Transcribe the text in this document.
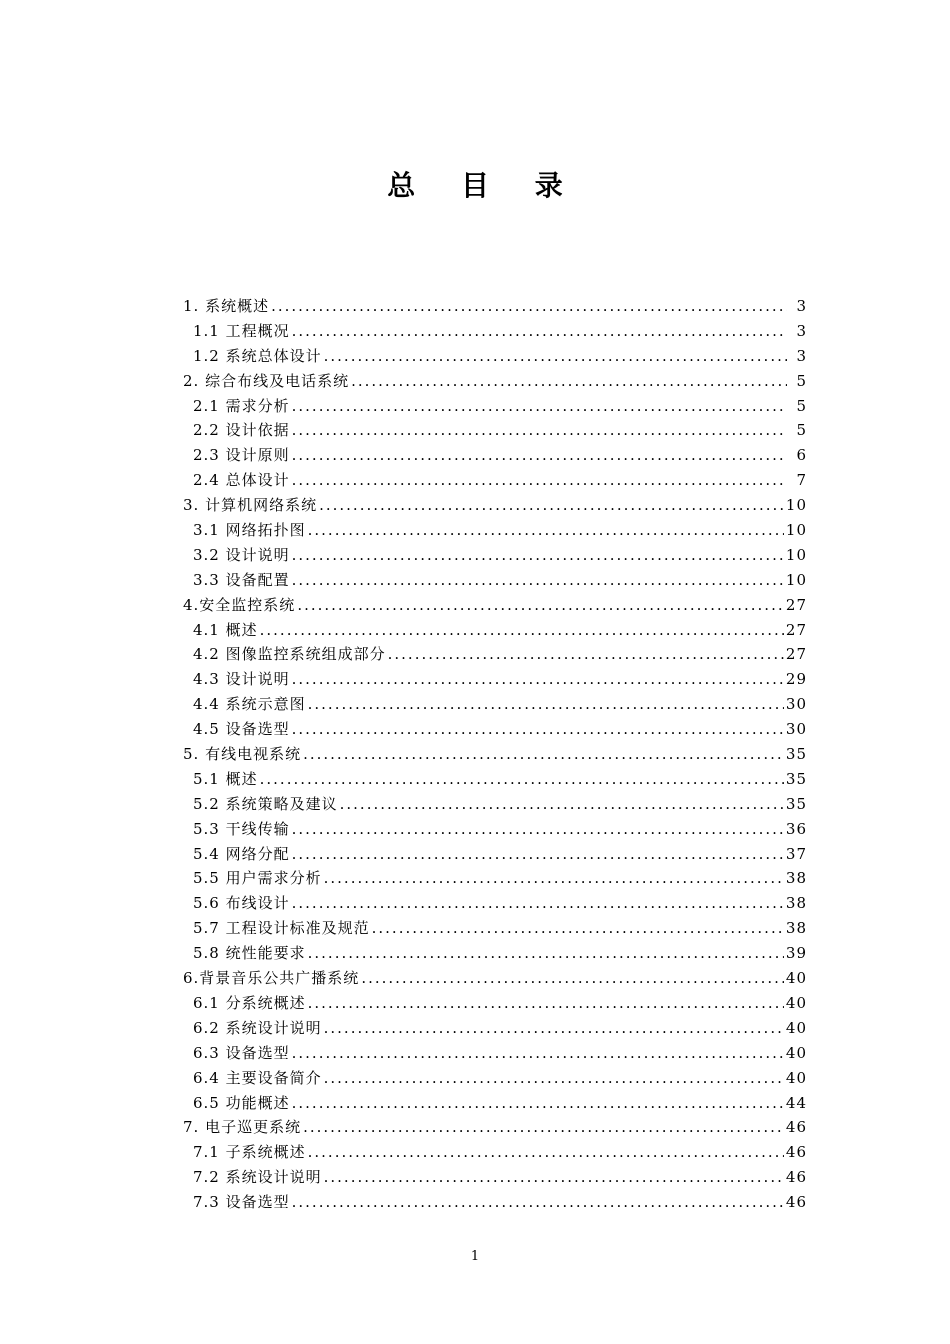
总 目 录
1. 系统概述 .....	3
1.1 工程概况 .....	3
1.2 系统总体设计 .....	3
2. 综合布线及电话系统 .....	5
2.1 需求分析 .....	5
2.2 设计依据 .....	5
2.3 设计原则 .....	6
2.4 总体设计 .....	7
3. 计算机网络系统 .....	10
3.1 网络拓扑图 .....	10
3.2 设计说明 .....	10
3.3 设备配置 .....	10
4.安全监控系统 .....	27
4.1 概述 .....	27
4.2 图像监控系统组成部分 .....	27
4.3 设计说明 .....	29
4.4 系统示意图 .....	30
4.5 设备选型 .....	30
5. 有线电视系统 .....	35
5.1 概述 .....	35
5.2 系统策略及建议 .....	35
5.3 干线传输 .....	36
5.4 网络分配 .....	37
5.5 用户需求分析 .....	38
5.6 布线设计 .....	38
5.7 工程设计标准及规范 .....	38
5.8 统性能要求 .....	39
6.背景音乐公共广播系统 .....	40
6.1 分系统概述 .....	40
6.2 系统设计说明 .....	40
6.3 设备选型 .....	40
6.4 主要设备简介 .....	40
6.5 功能概述 .....	44
7. 电子巡更系统 .....	46
7.1 子系统概述 .....	46
7.2 系统设计说明 .....	46
7.3 设备选型 .....	46
1
